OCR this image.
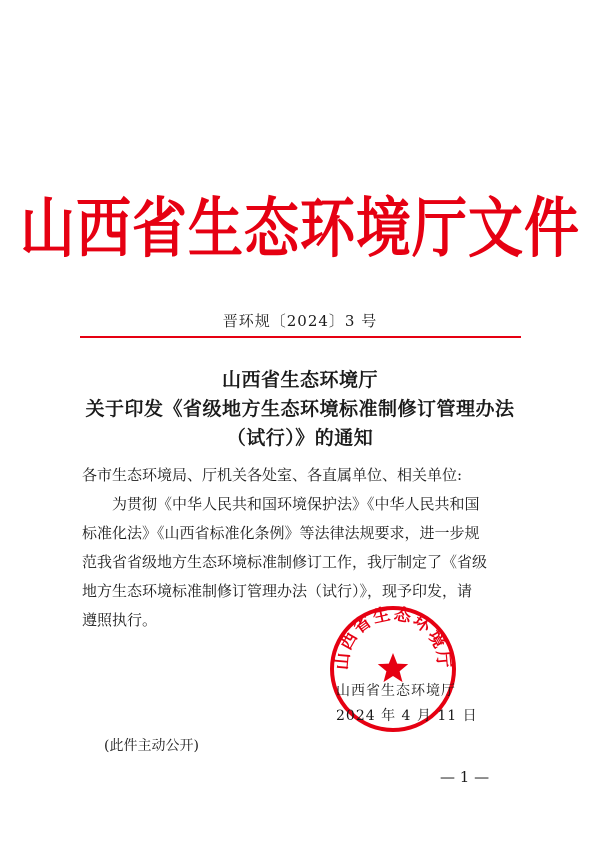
山西省生态环境厅文件
晋环规〔2024〕3 号
山西省生态环境厅
关于印发《省级地方生态环境标准制修订管理办法
（试行）》的通知
各市生态环境局、厅机关各处室、各直属单位、相关单位:
为贯彻《中华人民共和国环境保护法》《中华人民共和国
标准化法》《山西省标准化条例》等法律法规要求，进一步规
范我省省级地方生态环境标准制修订工作，我厅制定了《省级
地方生态环境标准制修订管理办法（试行）》，现予印发，请
遵照执行。
山西省生态环境厅
山西省生态环境厅
2024 年 4 月 11 日
(此件主动公开)
— 1 —
